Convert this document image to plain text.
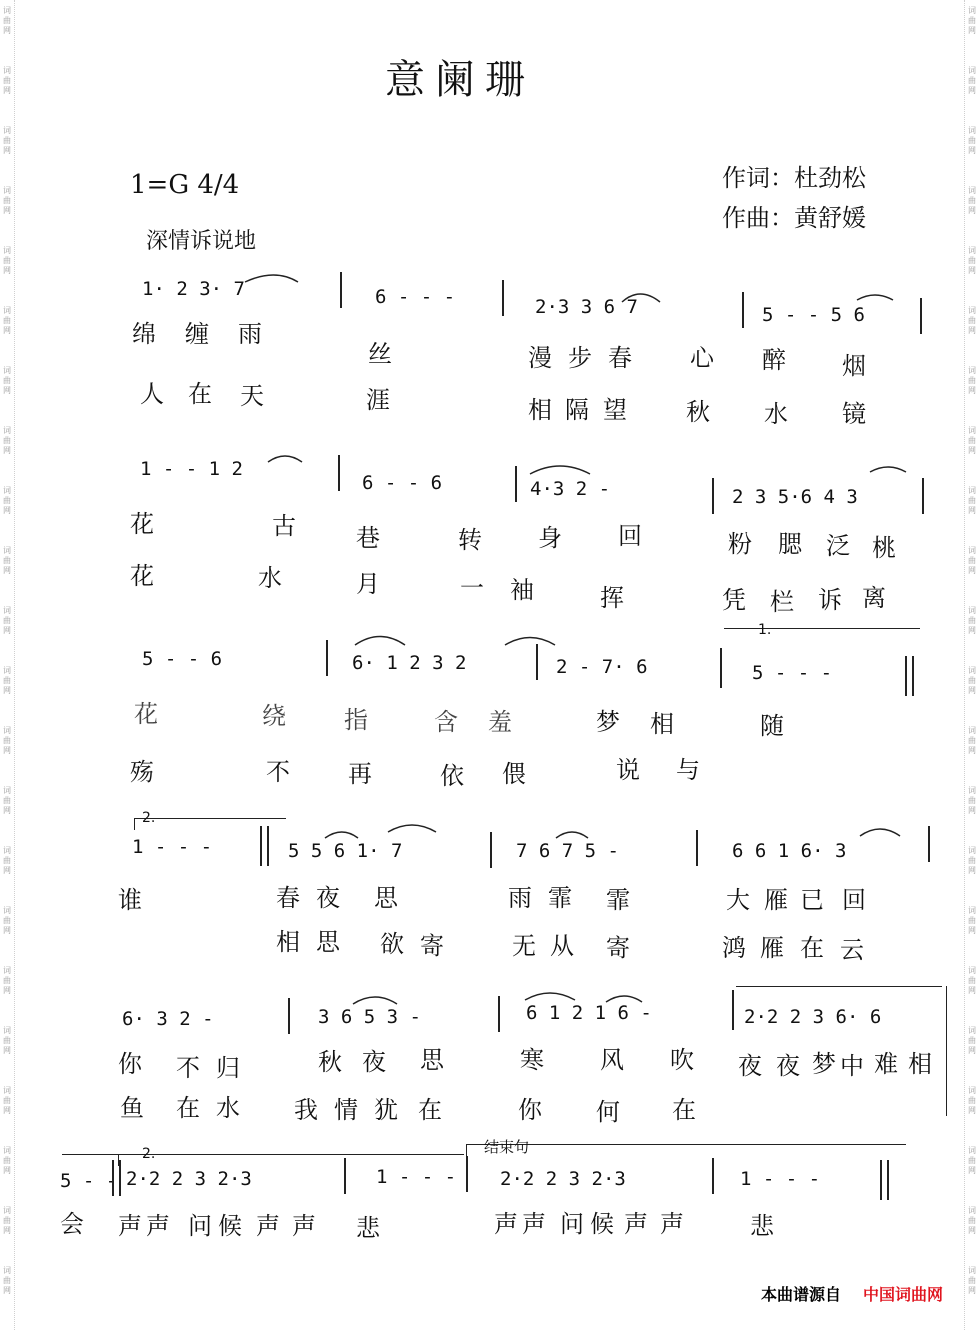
词
曲
网
词
曲
网
词
曲
网
词
曲
网
词
曲
网
词
曲
网
词
曲
网
词
曲
网
词
曲
网
词
曲
网
词
曲
网
词
曲
网
词
曲
网
词
曲
网
词
曲
网
词
曲
网
词
曲
网
词
曲
网
词
曲
网
词
曲
网
词
曲
网
词
曲
网
词
曲
网
词
曲
网
词
曲
网
词
曲
网
词
曲
网
词
曲
网
词
曲
网
词
曲
网
词
曲
网
词
曲
网
词
曲
网
词
曲
网
词
曲
网
词
曲
网
词
曲
网
词
曲
网
词
曲
网
词
曲
网
词
曲
网
词
曲
网
词
曲
网
词
曲
网
意阑珊
1=G 4/4	作词：杜劲松
作曲：黄舒媛
深情诉说地
1· 2 3· 7	6 - - -	2·3 3 6 7	5 - - 5 6
绵 缠 雨
丝	漫 步 春 心 醉 烟
人 在 天	涯	相 隔 望 秋 水 镜
1 - - 1 2
6 - - 6	4·3 2 -	2 3 5·6 4 3
花	古	巷	转 身 回	粉 腮 泛 桃
花	水	月	一 袖	挥	凭 栏 诉 离
5 - - 6	6· 1 2 3 2	2 - 7· 6
1.
5 - - -
花	绕 指	含 羞	梦 相	随
殇	不 再	依 偎	说 与
2.
1 - - -	5 5 6 1· 7	7 6 7 5 -	6 6 1 6· 3
谁	春 夜 思	雨 霏 霏	大 雁 已 回
相 思 欲 寄	无 从 寄	鸿 雁 在 云
6· 3 2 -	3 6 5 3 -	6 1 2 1 6 -	2·2 2 3 6· 6
你 不 归	秋 夜 思	寒 风 吹 夜 夜 梦 中 难 相
鱼 在 水 我 情 犹 在	你 何 在
2.	结束句
5 - - 2·2 2 3 2·3	1 - - - 2·2 2 3 2·3	1 - - -
会 声 声 问 候 声 声 悲	声 声 问 候 声 声	悲
本曲谱源自 中国词曲网
